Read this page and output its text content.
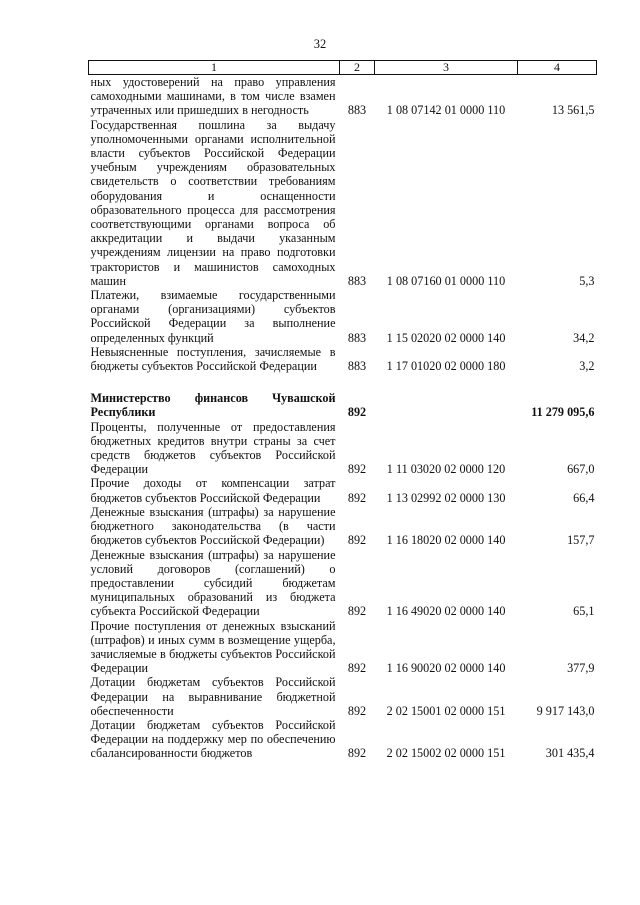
32
1	2	3	4
ных удостоверений на право управления самоходными машинами, в том числе взамен утраченных или пришедших в негодность	883	1 08 07142 01 0000 110	13 561,5
Государственная пошлина за выдачу уполномоченными органами исполнительной власти субъектов Российской Федерации учебным учреждениям образовательных свидетельств о соответствии требованиям оборудования и оснащенности образовательного процесса для рассмотрения соответствующими органами вопроса об аккредитации и выдачи указанным учреждениям лицензии на право подготовки трактористов и машинистов самоходных машин	883	1 08 07160 01 0000 110	5,3
Платежи, взимаемые государственными органами (организациями) субъектов Российской Федерации за выполнение определенных функций	883	1 15 02020 02 0000 140	34,2
Невыясненные поступления, зачисляемые в бюджеты субъектов Российской Федерации	883	1 17 01020 02 0000 180	3,2

Министерство финансов Чувашской Республики	892		11 279 095,6
Проценты, полученные от предоставления бюджетных кредитов внутри страны за счет средств бюджетов субъектов Российской Федерации	892	1 11 03020 02 0000 120	667,0
Прочие доходы от компенсации затрат бюджетов субъектов Российской Федерации	892	1 13 02992 02 0000 130	66,4
Денежные взыскания (штрафы) за нарушение бюджетного законодательства (в части бюджетов субъектов Российской Федерации)	892	1 16 18020 02 0000 140	157,7
Денежные взыскания (штрафы) за нарушение условий договоров (соглашений) о предоставлении субсидий бюджетам муниципальных образований из бюджета субъекта Российской Федерации	892	1 16 49020 02 0000 140	65,1
Прочие поступления от денежных взысканий (штрафов) и иных сумм в возмещение ущерба, зачисляемые в бюджеты субъектов Российской Федерации	892	1 16 90020 02 0000 140	377,9
Дотации бюджетам субъектов Российской Федерации на выравнивание бюджетной обеспеченности	892	2 02 15001 02 0000 151	9 917 143,0
Дотации бюджетам субъектов Российской Федерации на поддержку мер по обеспечению сбалансированности бюджетов	892	2 02 15002 02 0000 151	301 435,4
